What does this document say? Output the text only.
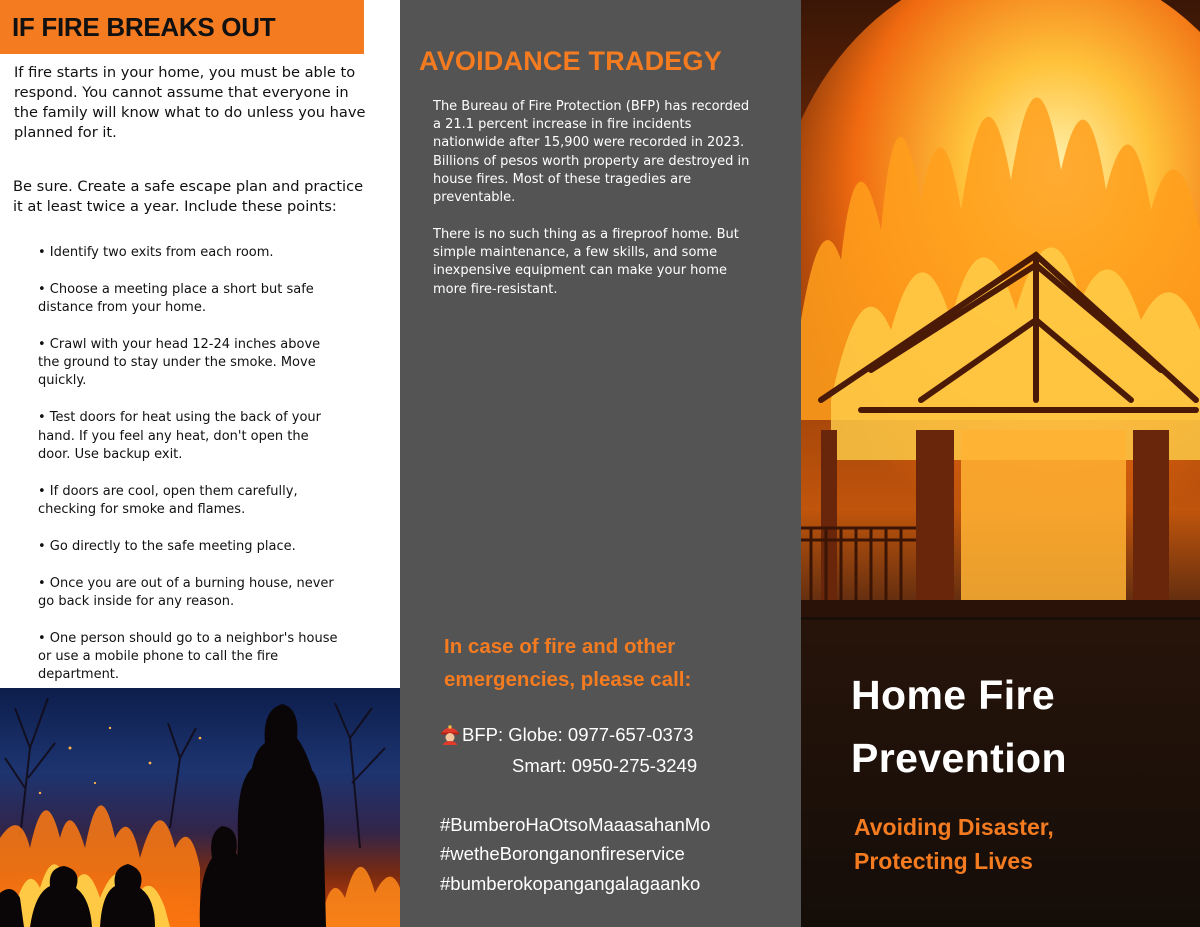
IF FIRE BREAKS OUT

If fire starts in your home, you must be able to respond. You cannot assume that everyone in the family will know what to do unless you have planned for it.

Be sure. Create a safe escape plan and practice it at least twice a year. Include these points:

• Identify two exits from each room.
• Choose a meeting place a short but safe distance from your home.
• Crawl with your head 12-24 inches above the ground to stay under the smoke. Move quickly.
• Test doors for heat using the back of your hand. If you feel any heat, don't open the door. Use backup exit.
• If doors are cool, open them carefully, checking for smoke and flames.
• Go directly to the safe meeting place.
• Once you are out of a burning house, never go back inside for any reason.
• One person should go to a neighbor's house or use a mobile phone to call the fire department.
AVOIDANCE TRADEGY

The Bureau of Fire Protection (BFP) has recorded a 21.1 percent increase in fire incidents nationwide after 15,900 were recorded in 2023. Billions of pesos worth property are destroyed in house fires. Most of these tragedies are preventable.

There is no such thing as a fireproof home. But simple maintenance, a few skills, and some inexpensive equipment can make your home more fire-resistant.

In case of fire and other emergencies, please call:
BFP: Globe: 0977-657-0373
Smart: 0950-275-3249
#BumberoHaOtsoMaaasahanMo
#wetheBoronganonfireservice
#bumberokopangangalagaanko
Home Fire
Prevention

Avoiding Disaster,
Protecting Lives
